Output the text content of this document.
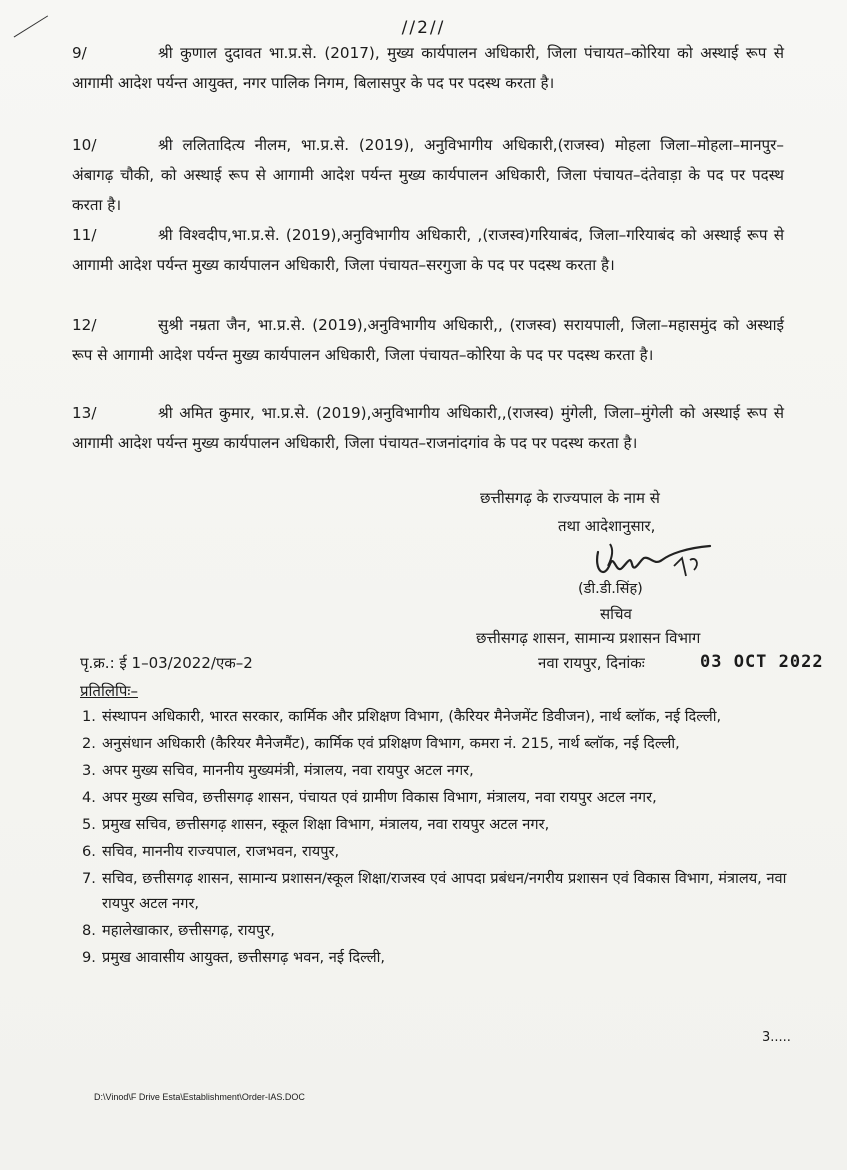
//2//
9/	श्री कुणाल दुदावत भा.प्र.से. (2017), मुख्य कार्यपालन अधिकारी, जिला पंचायत–कोरिया को अस्थाई रूप से आगामी आदेश पर्यन्त आयुक्त, नगर पालिक निगम, बिलासपुर के पद पर पदस्थ करता है।
10/	श्री ललितादित्य नीलम, भा.प्र.से. (2019), अनुविभागीय अधिकारी,(राजस्व) मोहला जिला–मोहला–मानपुर–अंबागढ़ चौकी, को अस्थाई रूप से आगामी आदेश पर्यन्त मुख्य कार्यपालन अधिकारी, जिला पंचायत–दंतेवाड़ा के पद पर पदस्थ करता है।
11/	श्री विश्वदीप,भा.प्र.से. (2019),अनुविभागीय अधिकारी, ,(राजस्व)गरियाबंद, जिला–गरियाबंद को अस्थाई रूप से आगामी आदेश पर्यन्त मुख्य कार्यपालन अधिकारी, जिला पंचायत–सरगुजा के पद पर पदस्थ करता है।
12/	सुश्री नम्रता जैन, भा.प्र.से. (2019),अनुविभागीय अधिकारी,, (राजस्व) सरायपाली, जिला–महासमुंद को अस्थाई रूप से आगामी आदेश पर्यन्त मुख्य कार्यपालन अधिकारी, जिला पंचायत–कोरिया के पद पर पदस्थ करता है।
13/	श्री अमित कुमार, भा.प्र.से. (2019),अनुविभागीय अधिकारी,,(राजस्व) मुंगेली, जिला–मुंगेली को अस्थाई रूप से आगामी आदेश पर्यन्त मुख्य कार्यपालन अधिकारी, जिला पंचायत–राजनांदगांव के पद पर पदस्थ करता है।
छत्तीसगढ़ के राज्यपाल के नाम से
तथा आदेशानुसार,
(डी.डी.सिंह)
सचिव
छत्तीसगढ़ शासन, सामान्य प्रशासन विभाग
पृ.क्र.: ई 1–03/2022/एक–2	नवा रायपुर, दिनांकः	03 OCT 2022
प्रतिलिपिः–
1. संस्थापन अधिकारी, भारत सरकार, कार्मिक और प्रशिक्षण विभाग, (कैरियर मैनेजमेंट डिवीजन), नार्थ ब्लॉक, नई दिल्ली,
2. अनुसंधान अधिकारी (कैरियर मैनेजमैंट), कार्मिक एवं प्रशिक्षण विभाग, कमरा नं. 215, नार्थ ब्लॉक, नई दिल्ली,
3. अपर मुख्य सचिव, माननीय मुख्यमंत्री, मंत्रालय, नवा रायपुर अटल नगर,
4. अपर मुख्य सचिव, छत्तीसगढ़ शासन, पंचायत एवं ग्रामीण विकास विभाग, मंत्रालय, नवा रायपुर अटल नगर,
5. प्रमुख सचिव, छत्तीसगढ़ शासन, स्कूल शिक्षा विभाग, मंत्रालय, नवा रायपुर अटल नगर,
6. सचिव, माननीय राज्यपाल, राजभवन, रायपुर,
7. सचिव, छत्तीसगढ़ शासन, सामान्य प्रशासन/स्कूल शिक्षा/राजस्व एवं आपदा प्रबंधन/नगरीय प्रशासन एवं विकास विभाग, मंत्रालय, नवा रायपुर अटल नगर,
8. महालेखाकार, छत्तीसगढ़, रायपुर,
9. प्रमुख आवासीय आयुक्त, छत्तीसगढ़ भवन, नई दिल्ली,
3.....
D:\Vinod\F Drive Esta\Establishment\Order-IAS.DOC
